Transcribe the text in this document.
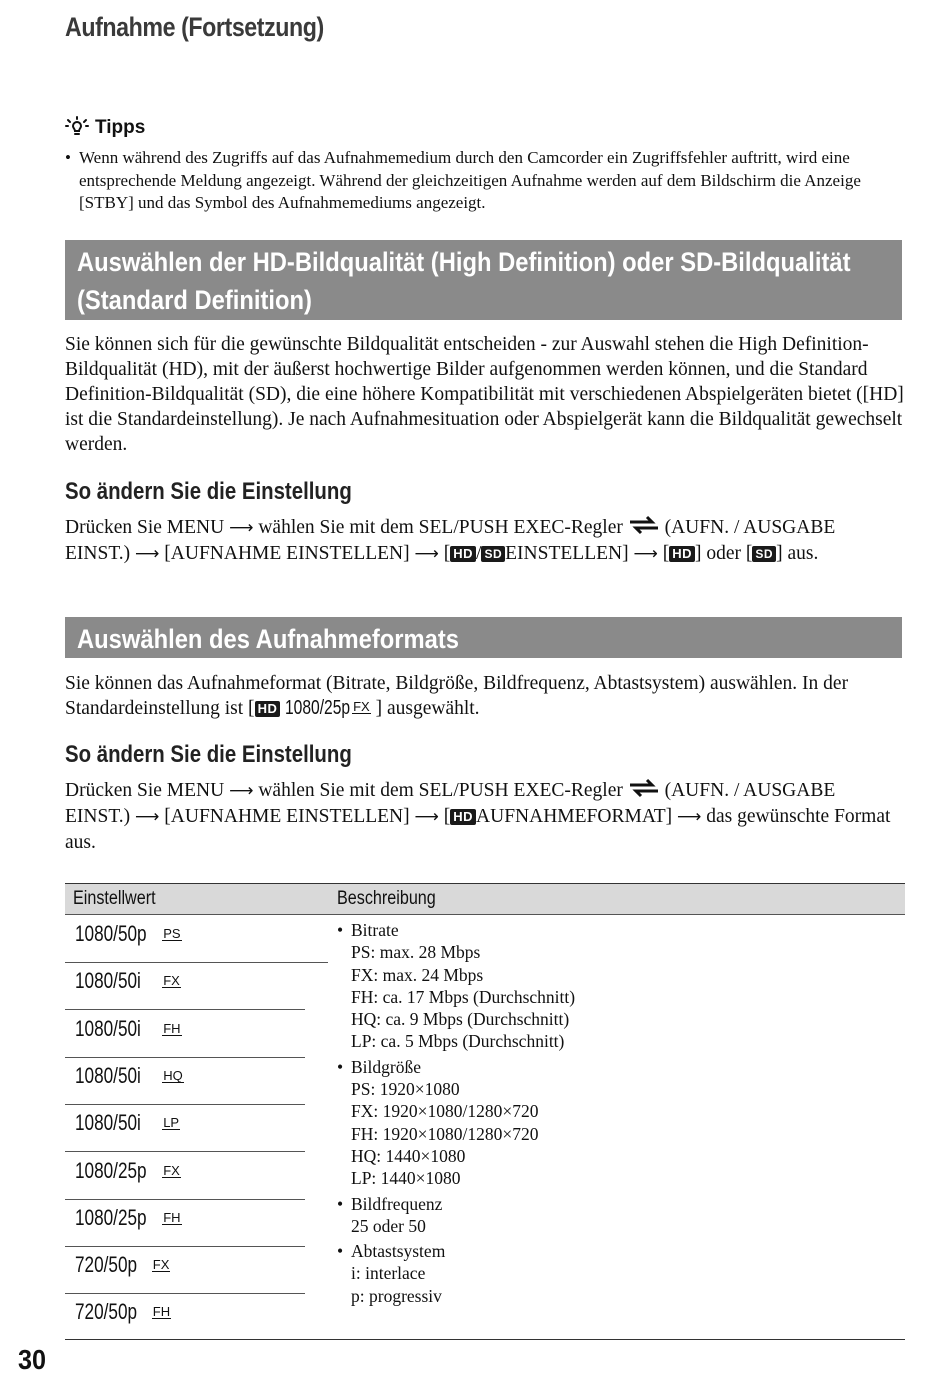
Aufnahme (Fortsetzung)
Tipps
• Wenn während des Zugriffs auf das Aufnahmemedium durch den Camcorder ein Zugriffsfehler auftritt, wird eine entsprechende Meldung angezeigt. Während der gleichzeitigen Aufnahme werden auf dem Bildschirm die Anzeige [STBY] und das Symbol des Aufnahmemediums angezeigt.
Auswählen der HD-Bildqualität (High Definition) oder SD-Bildqualität
(Standard Definition)

Sie können sich für die gewünschte Bildqualität entscheiden - zur Auswahl stehen die High Definition-Bildqualität (HD), mit der äußerst hochwertige Bilder aufgenommen werden können, und die Standard Definition-Bildqualität (SD), die eine höhere Kompatibilität mit verschiedenen Abspielgeräten bietet ([HD] ist die Standardeinstellung). Je nach Aufnahmesituation oder Abspielgerät kann die Bildqualität gewechselt werden.

So ändern Sie die Einstellung

Drücken Sie MENU ⟶ wählen Sie mit dem SEL/PUSH EXEC-Regler (AUFN. / AUSGABE EINST.) ⟶ [AUFNAHME EINSTELLEN] ⟶ [ HD / SD EINSTELLEN] ⟶ [ HD ] oder [ SD ] aus.

Auswählen des Aufnahmeformats

Sie können das Aufnahmeformat (Bitrate, Bildgröße, Bildfrequenz, Abtastsystem) auswählen. In der Standardeinstellung ist [ HD 1080/25p FX ] ausgewählt.

So ändern Sie die Einstellung

Drücken Sie MENU ⟶ wählen Sie mit dem SEL/PUSH EXEC-Regler (AUFN. / AUSGABE EINST.) ⟶ [AUFNAHME EINSTELLEN] ⟶ [ HD AUFNAHMEFORMAT] ⟶ das gewünschte Format aus.

Einstellwert	Beschreibung
1080/50p PS
1080/50i FX
1080/50i FH
1080/50i HQ
1080/50i LP
1080/25p FX
1080/25p FH
720/50p FX
720/50p FH
• Bitrate
PS: max. 28 Mbps
FX: max. 24 Mbps
FH: ca. 17 Mbps (Durchschnitt)
HQ: ca. 9 Mbps (Durchschnitt)
LP: ca. 5 Mbps (Durchschnitt)
• Bildgröße
PS: 1920×1080
FX: 1920×1080/1280×720
FH: 1920×1080/1280×720
HQ: 1440×1080
LP: 1440×1080
• Bildfrequenz
25 oder 50
• Abtastsystem
i: interlace
p: progressiv
30
